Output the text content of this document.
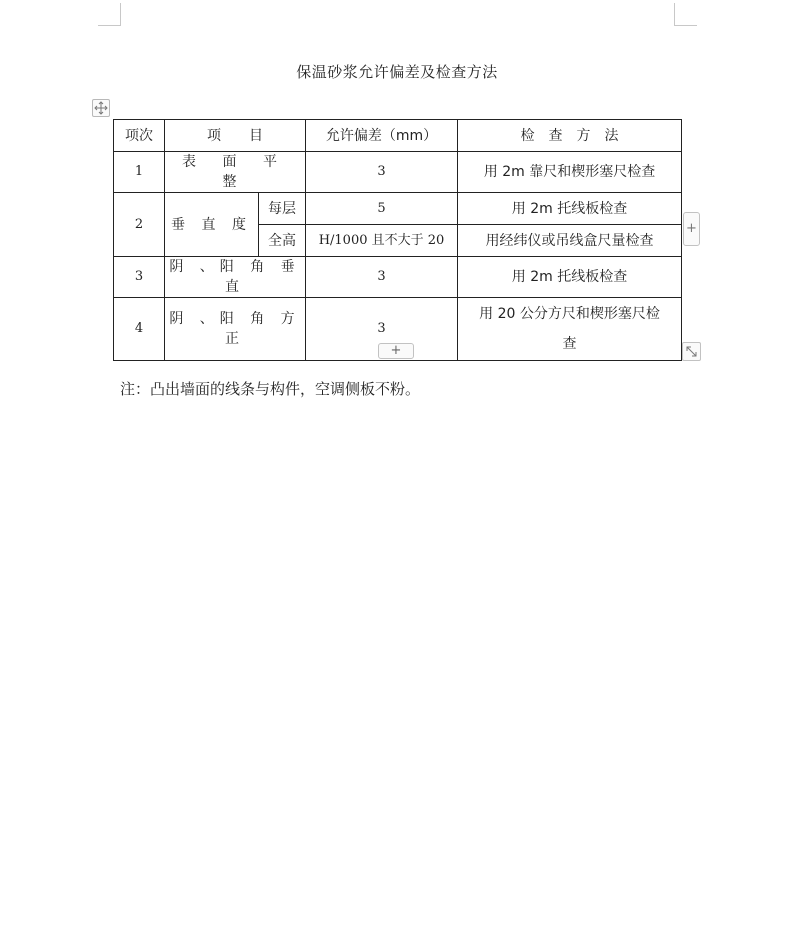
保温砂浆允许偏差及检查方法
项次	项　　目		允许偏差（mm）	检　查　方　法
1	表 面 平 整		3	用 2m 靠尺和楔形塞尺检查
2	垂 直 度	每层	5	用 2m 托线板检查
		全高	H/1000 且不大于 20	用经纬仪或吊线盒尺量检查
3	阴 、阳 角 垂 直		3	用 2m 托线板检查
4	阴 、阳 角 方 正		3	用 20 公分方尺和楔形塞尺检
查
+
+
注：凸出墙面的线条与构件，空调侧板不粉。
